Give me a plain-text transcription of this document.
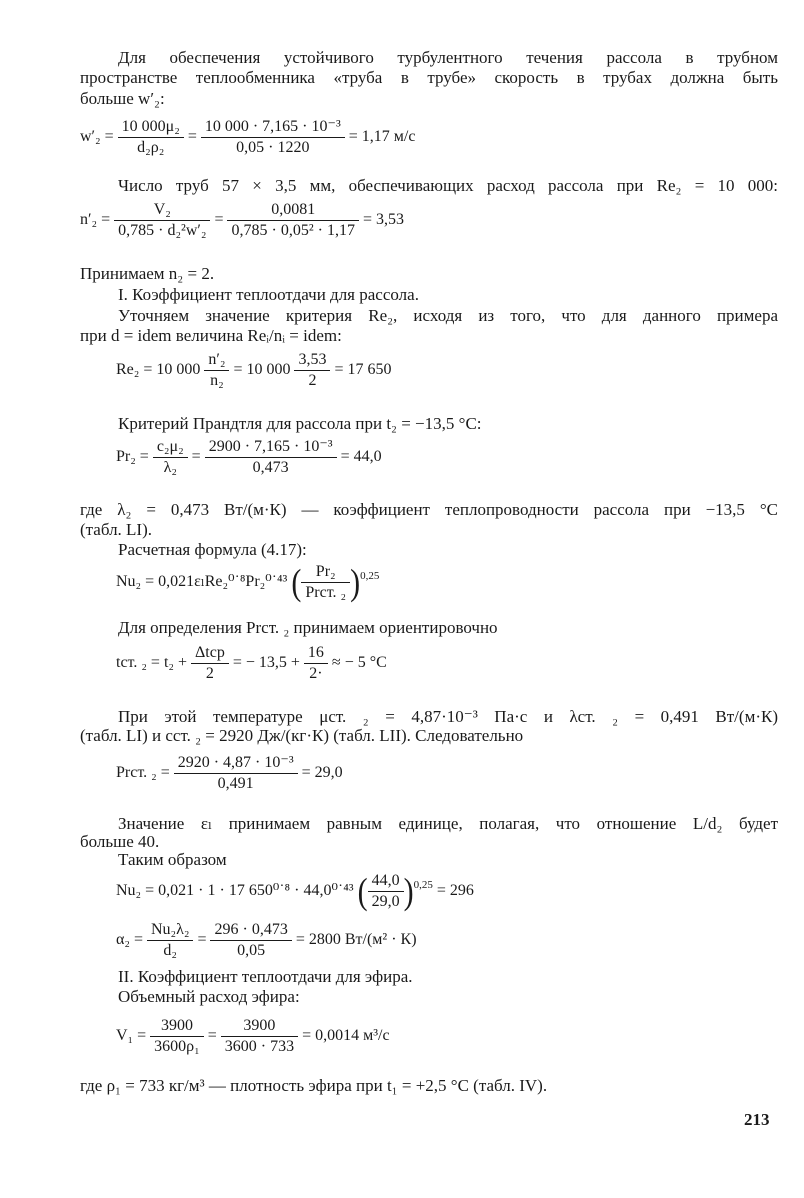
Для обеспечения устойчивого турбулентного течения рассола в трубном
пространстве теплообменника «труба в трубе» скорость в трубах должна быть
больше w′₂:
$w'_2 = \frac{\text{10 000μ₂}}{\text{d₂ρ₂}} = \frac{\text{10 000 · 7,165 · 10⁻³}}{0,05 \cdot 1220} = 1,17$ м/с
Число труб 57 × 3,5 мм, обеспечивающих расход рассола при Re₂ = 10 000:
$n'_2 = \frac{\text{V₂}}{\text{0,785 · d₂²w′₂}} = \frac{0,0081}{\text{0,785 · 0,05² · 1,17}} = 3,53$
Принимаем n₂ = 2.
I. Коэффициент теплоотдачи для рассола.
Уточняем значение критерия Re₂, исходя из того, что для данного примера
при d = idem величина Reᵢ/nᵢ = idem:
Re₂ = 10 $000 \frac{\text{n′₂}}{\text{n₂}} = 10$ $000 \frac{3,53}{2} = 17$ 650
Критерий Прандтля для рассола при t₂ = −13,5 °C:
$Pr_2 = \frac{\text{c₂μ₂}}{\text{λ₂}} = \frac{\text{2900 · 7,165 · 10⁻³}}{0,473} = 44,0$
где λ₂ = 0,473 Вт/(м·К) — коэффициент теплопроводности рассола при −13,5 °C
(табл. LI).
Расчетная формула (4.17):
Nu₂ = 0,021εₗRe₂⁰˙⁸Pr₂⁰˙⁴³ ( $\frac{\text{Pr₂}}{\text{Prст. ₂}} )^{0,25}$
Для определения Prст. ₂ принимаем ориентировочно
tст. $_2 = t_2 + \frac{\text{Δtср}}{2}$ = − $13,5 + \frac{16}{2\cdot}$ ≈ − 5 °C
При этой температуре μст. ₂ = 4,87·10⁻³ Па·с и λст. ₂ = 0,491 Вт/(м·К)
(табл. LI) и cст. ₂ = 2920 Дж/(кг·К) (табл. LII). Следовательно
Prст. $_2 = \frac{\text{2920 · 4,87 · 10⁻³}}{0,491} = 29,0$
Значение εₗ принимаем равным единице, полагая, что отношение L/d₂ будет
больше 40.
Таким образом
Nu₂ = 0,021 · 1 · 17 650⁰˙⁸ · 44,0⁰˙⁴³ ( $\frac{44,0}{29,0} )^{0,25} = 296$
$\alpha_2 = \frac{\text{Nu₂λ₂}}{\text{d₂}} = \frac{296 \cdot 0,473}{0,05} = 2800$ Вт/(м² · К)
II. Коэффициент теплоотдачи для эфира.
Объемный расход эфира:
$V_1 = \frac{3900}{\text{3600ρ₁}} = \frac{3900}{3600 \cdot 733} = 0,0014$ м³/с
где ρ₁ = 733 кг/м³ — плотность эфира при t₁ = +2,5 °C (табл. IV).
213
